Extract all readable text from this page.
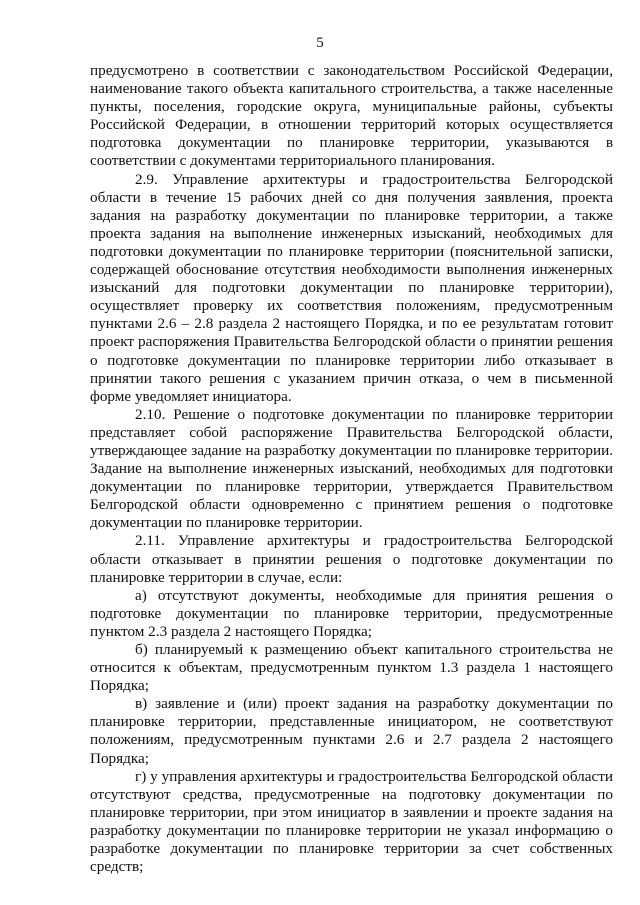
5

предусмотрено в соответствии с законодательством Российской Федерации, наименование такого объекта капитального строительства, а также населенные пункты, поселения, городские округа, муниципальные районы, субъекты Российской Федерации, в отношении территорий которых осуществляется подготовка документации по планировке территории, указываются в соответствии с документами территориального планирования.

2.9. Управление архитектуры и градостроительства Белгородской области в течение 15 рабочих дней со дня получения заявления, проекта задания на разработку документации по планировке территории, а также проекта задания на выполнение инженерных изысканий, необходимых для подготовки документации по планировке территории (пояснительной записки, содержащей обоснование отсутствия необходимости выполнения инженерных изысканий для подготовки документации по планировке территории), осуществляет проверку их соответствия положениям, предусмотренным пунктами 2.6 – 2.8 раздела 2 настоящего Порядка, и по ее результатам готовит проект распоряжения Правительства Белгородской области о принятии решения о подготовке документации по планировке территории либо отказывает в принятии такого решения с указанием причин отказа, о чем в письменной форме уведомляет инициатора.

2.10. Решение о подготовке документации по планировке территории представляет собой распоряжение Правительства Белгородской области, утверждающее задание на разработку документации по планировке территории. Задание на выполнение инженерных изысканий, необходимых для подготовки документации по планировке территории, утверждается Правительством Белгородской области одновременно с принятием решения о подготовке документации по планировке территории.

2.11. Управление архитектуры и градостроительства Белгородской области отказывает в принятии решения о подготовке документации по планировке территории в случае, если:

а) отсутствуют документы, необходимые для принятия решения о подготовке документации по планировке территории, предусмотренные пунктом 2.3 раздела 2 настоящего Порядка;

б) планируемый к размещению объект капитального строительства не относится к объектам, предусмотренным пунктом 1.3 раздела 1 настоящего Порядка;

в) заявление и (или) проект задания на разработку документации по планировке территории, представленные инициатором, не соответствуют положениям, предусмотренным пунктами 2.6 и 2.7 раздела 2 настоящего Порядка;

г) у управления архитектуры и градостроительства Белгородской области отсутствуют средства, предусмотренные на подготовку документации по планировке территории, при этом инициатор в заявлении и проекте задания на разработку документации по планировке территории не указал информацию о разработке документации по планировке территории за счет собственных средств;
